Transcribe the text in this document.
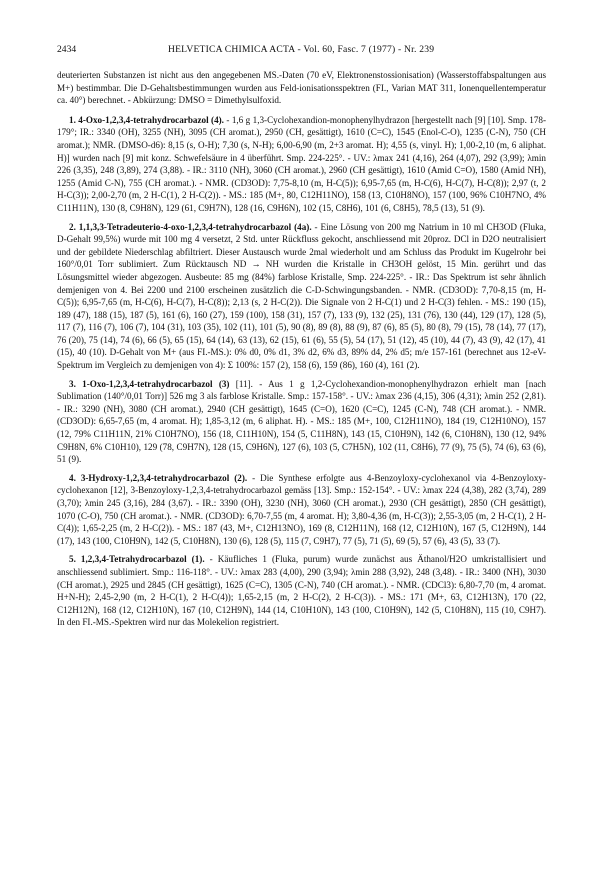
2434	HELVETICA CHIMICA ACTA - Vol. 60, Fasc. 7 (1977) - Nr. 239

deuterierten Substanzen ist nicht aus den angegebenen MS.-Daten (70 eV, Elektronenstossionisation) (Wasserstoffabspaltungen aus M+) bestimmbar. Die D-Gehaltsbestimmungen wurden aus Feld-ionisationsspektren (FI., Varian MAT 311, Ionenquellentemperatur ca. 40°) berechnet. - Abkürzung: DMSO = Dimethylsulfoxid.

1. 4-Oxo-1,2,3,4-tetrahydrocarbazol (4). - 1,6 g 1,3-Cyclohexandion-monophenylhydrazon [hergestellt nach [9] [10]. Smp. 178-179°; IR.: 3340 (OH), 3255 (NH), 3095 (CH aromat.), 2950 (CH, gesättigt), 1610 (C=C), 1545 (Enol-C-O), 1235 (C-N), 750 (CH aromat.); NMR. (DMSO-d6): 8,15 (s, O-H); 7,30 (s, N-H); 6,00-6,90 (m, 2+3 aromat. H); 4,55 (s, vinyl. H); 1,00-2,10 (m, 6 aliphat. H)] wurden nach [9] mit konz. Schwefelsäure in 4 überführt. Smp. 224-225°. - UV.: λmax 241 (4,16), 264 (4,07), 292 (3,99); λmin 226 (3,35), 248 (3,89), 274 (3,88). - IR.: 3110 (NH), 3060 (CH aromat.), 2960 (CH gesättigt), 1610 (Amid C=O), 1580 (Amid NH), 1255 (Amid C-N), 755 (CH aromat.). - NMR. (CD3OD): 7,75-8,10 (m, H-C(5)); 6,95-7,65 (m, H-C(6), H-C(7), H-C(8)); 2,97 (t, 2 H-C(3)); 2,00-2,70 (m, 2 H-C(1), 2 H-C(2)). - MS.: 185 (M+, 80, C12H11NO), 158 (13, C10H8NO), 157 (100, 96% C10H7NO, 4% C11H11N), 130 (8, C9H8N), 129 (61, C9H7N), 128 (16, C9H6N), 102 (15, C8H6), 101 (6, C8H5), 78,5 (13), 51 (9).

2. 1,1,3,3-Tetradeuterio-4-oxo-1,2,3,4-tetrahydrocarbazol (4a). - Eine Lösung von 200 mg Natrium in 10 ml CH3OD (Fluka, D-Gehalt 99,5%) wurde mit 100 mg 4 versetzt, 2 Std. unter Rückfluss gekocht, anschliessend mit 20proz. DCl in D2O neutralisiert und der gebildete Niederschlag abfiltriert. Dieser Austausch wurde 2mal wiederholt und am Schluss das Produkt im Kugelrohr bei 160°/0,01 Torr sublimiert. Zum Rücktausch ND → NH wurden die Kristalle in CH3OH gelöst, 15 Min. gerührt und das Lösungsmittel wieder abgezogen. Ausbeute: 85 mg (84%) farblose Kristalle, Smp. 224-225°. - IR.: Das Spektrum ist sehr ähnlich demjenigen von 4. Bei 2200 und 2100 erscheinen zusätzlich die C-D-Schwingungsbanden. - NMR. (CD3OD): 7,70-8,15 (m, H-C(5)); 6,95-7,65 (m, H-C(6), H-C(7), H-C(8)); 2,13 (s, 2 H-C(2)). Die Signale von 2 H-C(1) und 2 H-C(3) fehlen. - MS.: 190 (15), 189 (47), 188 (15), 187 (5), 161 (6), 160 (27), 159 (100), 158 (31), 157 (7), 133 (9), 132 (25), 131 (76), 130 (44), 129 (17), 128 (5), 117 (7), 116 (7), 106 (7), 104 (31), 103 (35), 102 (11), 101 (5), 90 (8), 89 (8), 88 (9), 87 (6), 85 (5), 80 (8), 79 (15), 78 (14), 77 (17), 76 (20), 75 (14), 74 (6), 66 (5), 65 (15), 64 (14), 63 (13), 62 (15), 61 (6), 55 (5), 54 (17), 51 (12), 45 (10), 44 (7), 43 (9), 42 (17), 41 (15), 40 (10). D-Gehalt von M+ (aus FI.-MS.): 0% d0, 0% d1, 3% d2, 6% d3, 89% d4, 2% d5; m/e 157-161 (berechnet aus 12-eV-Spektrum im Vergleich zu demjenigen von 4): Σ 100%: 157 (2), 158 (6), 159 (86), 160 (4), 161 (2).

3. 1-Oxo-1,2,3,4-tetrahydrocarbazol (3) [11]. - Aus 1 g 1,2-Cyclohexandion-monophenylhydrazon erhielt man [nach Sublimation (140°/0,01 Torr)] 526 mg 3 als farblose Kristalle. Smp.: 157-158°. - UV.: λmax 236 (4,15), 306 (4,31); λmin 252 (2,81). - IR.: 3290 (NH), 3080 (CH aromat.), 2940 (CH gesättigt), 1645 (C=O), 1620 (C=C), 1245 (C-N), 748 (CH aromat.). - NMR. (CD3OD): 6,65-7,65 (m, 4 aromat. H); 1,85-3,12 (m, 6 aliphat. H). - MS.: 185 (M+, 100, C12H11NO), 184 (19, C12H10NO), 157 (12, 79% C11H11N, 21% C10H7NO), 156 (18, C11H10N), 154 (5, C11H8N), 143 (15, C10H9N), 142 (6, C10H8N), 130 (12, 94% C9H8N, 6% C10H10), 129 (78, C9H7N), 128 (15, C9H6N), 127 (6), 103 (5, C7H5N), 102 (11, C8H6), 77 (9), 75 (5), 74 (6), 63 (6), 51 (9).

4. 3-Hydroxy-1,2,3,4-tetrahydrocarbazol (2). - Die Synthese erfolgte aus 4-Benzoyloxy-cyclohexanol via 4-Benzoyloxy-cyclohexanon [12], 3-Benzoyloxy-1,2,3,4-tetrahydrocarbazol gemäss [13]. Smp.: 152-154°. - UV.: λmax 224 (4,38), 282 (3,74), 289 (3,70); λmin 245 (3,16), 284 (3,67). - IR.: 3390 (OH), 3230 (NH), 3060 (CH aromat.), 2930 (CH gesättigt), 2850 (CH gesättigt), 1070 (C-O), 750 (CH aromat.). - NMR. (CD3OD): 6,70-7,55 (m, 4 aromat. H); 3,80-4,36 (m, H-C(3)); 2,55-3,05 (m, 2 H-C(1), 2 H-C(4)); 1,65-2,25 (m, 2 H-C(2)). - MS.: 187 (43, M+, C12H13NO), 169 (8, C12H11N), 168 (12, C12H10N), 167 (5, C12H9N), 144 (17), 143 (100, C10H9N), 142 (5, C10H8N), 130 (6), 128 (5), 115 (7, C9H7), 77 (5), 71 (5), 69 (5), 57 (6), 43 (5), 33 (7).

5. 1,2,3,4-Tetrahydrocarbazol (1). - Käufliches 1 (Fluka, purum) wurde zunächst aus Äthanol/H2O umkristallisiert und anschliessend sublimiert. Smp.: 116-118°. - UV.: λmax 283 (4,00), 290 (3,94); λmin 288 (3,92), 248 (3,48). - IR.: 3400 (NH), 3030 (CH aromat.), 2925 und 2845 (CH gesättigt), 1625 (C=C), 1305 (C-N), 740 (CH aromat.). - NMR. (CDCl3): 6,80-7,70 (m, 4 aromat. H+N-H); 2,45-2,90 (m, 2 H-C(1), 2 H-C(4)); 1,65-2,15 (m, 2 H-C(2), 2 H-C(3)). - MS.: 171 (M+, 63, C12H13N), 170 (22, C12H12N), 168 (12, C12H10N), 167 (10, C12H9N), 144 (14, C10H10N), 143 (100, C10H9N), 142 (5, C10H8N), 115 (10, C9H7). In den FI.-MS.-Spektren wird nur das Molekelion registriert.
